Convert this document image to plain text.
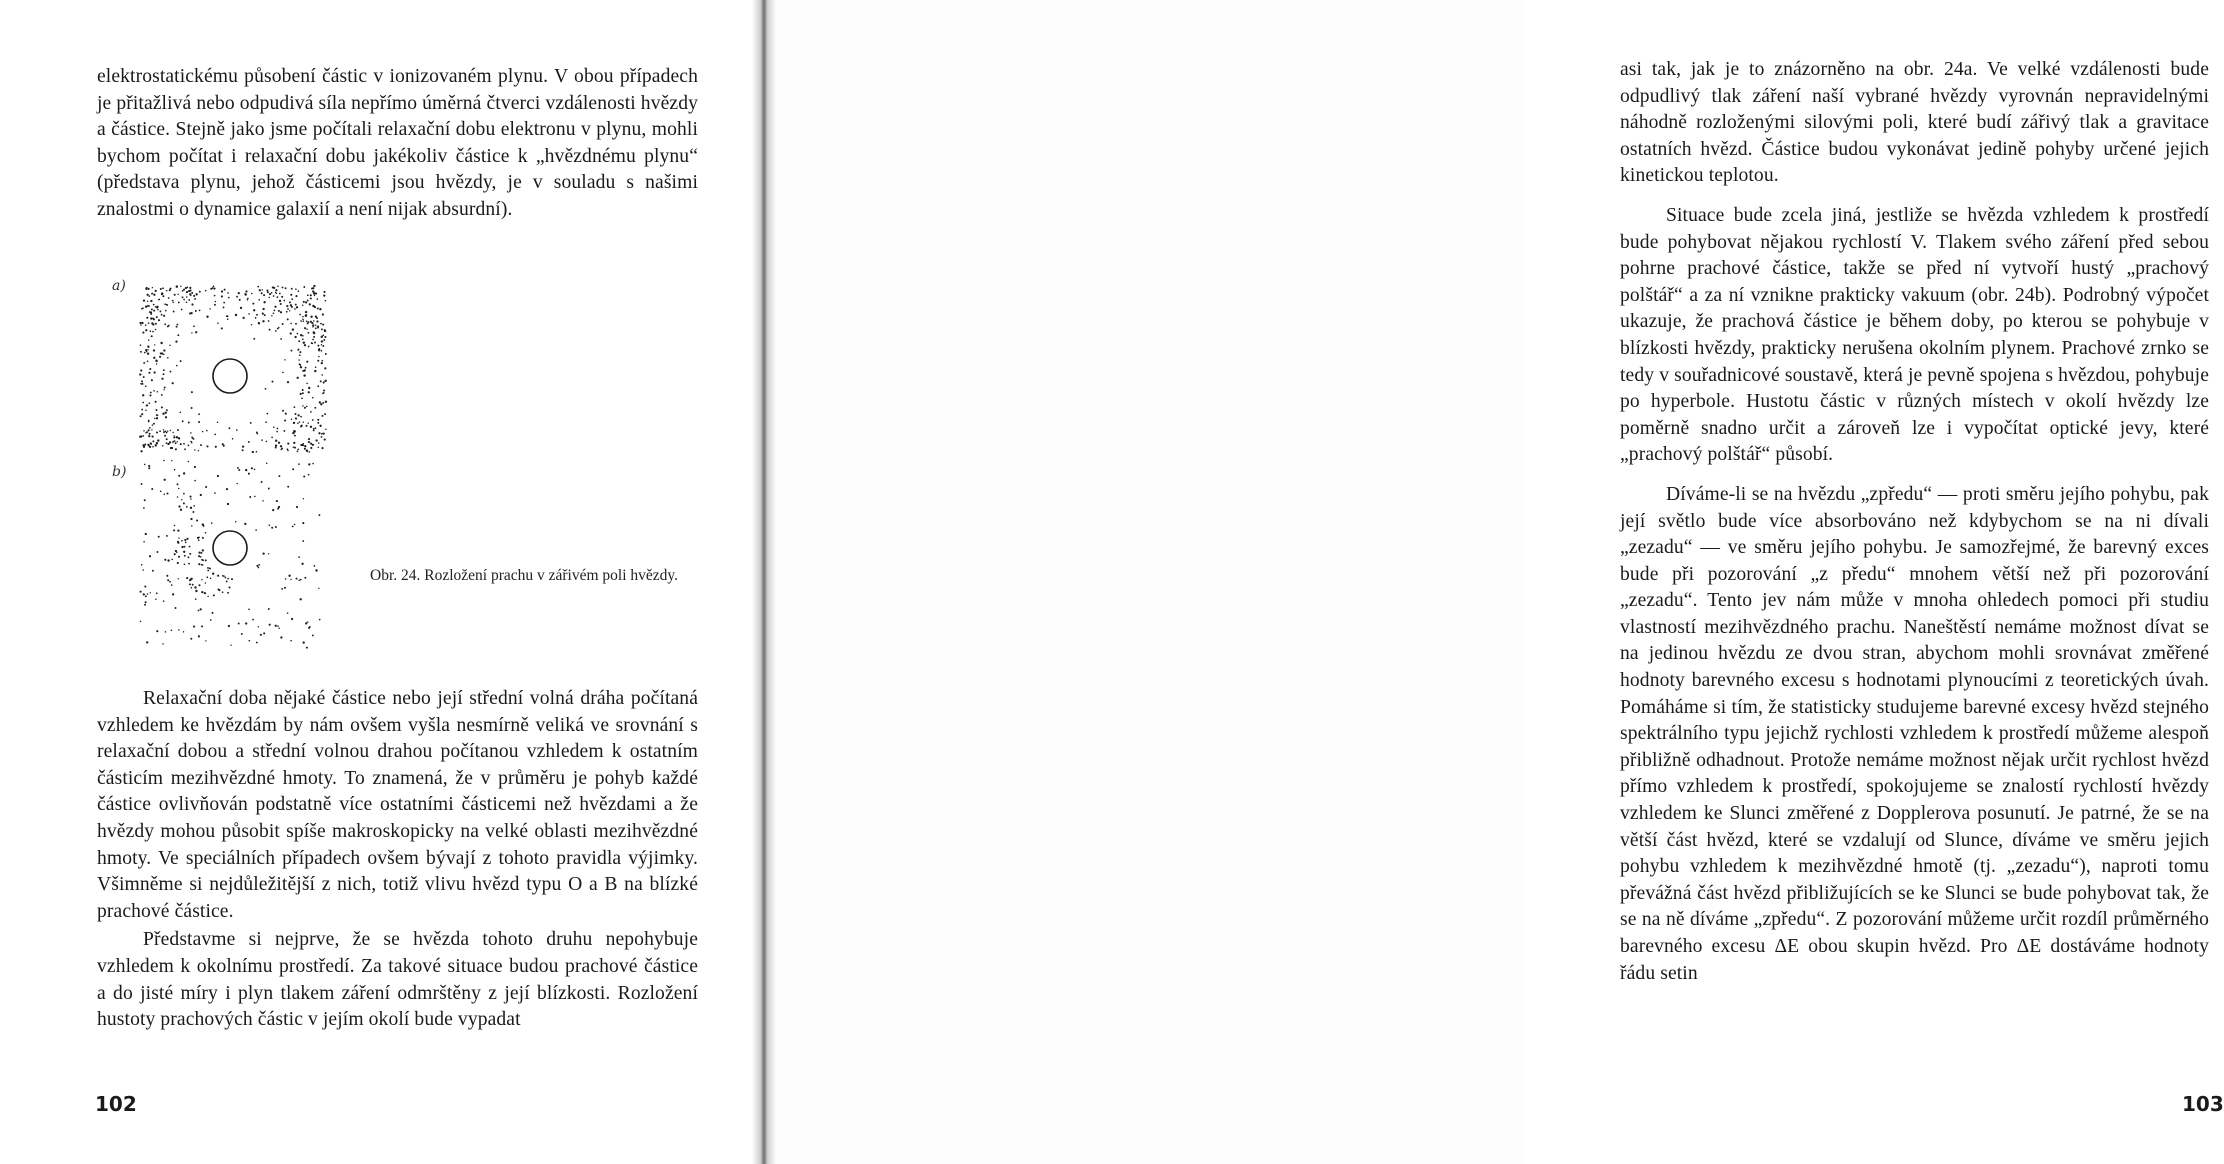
elektrostatickému působení částic v ionizovaném plynu. V obou případech je přitažlivá nebo odpudivá síla nepřímo úměrná čtverci vzdálenosti hvězdy a částice. Stejně jako jsme počítali relaxační dobu elektronu v plynu, mohli bychom počítat i relaxační dobu jakékoliv částice k „hvězdnému plynu“ (představa plynu, jehož částicemi jsou hvězdy, je v souladu s našimi znalostmi o dynamice galaxií a není nijak absurdní).

a)
b)
Obr. 24. Rozložení prachu v zářivém poli hvězdy.

Relaxační doba nějaké částice nebo její střední volná dráha počítaná vzhledem ke hvězdám by nám ovšem vyšla nesmírně veliká ve srovnání s relaxační dobou a střední volnou drahou počítanou vzhledem k ostatním částicím mezihvězdné hmoty. To znamená, že v průměru je pohyb každé částice ovlivňován podstatně více ostatními částicemi než hvězdami a že hvězdy mohou působit spíše makroskopicky na velké oblasti mezihvězdné hmoty. Ve speciálních případech ovšem bývají z tohoto pravidla výjimky. Všimněme si nejdůležitější z nich, totiž vlivu hvězd typu O a B na blízké prachové částice.

Představme si nejprve, že se hvězda tohoto druhu nepohybuje vzhledem k okolnímu prostředí. Za takové situace budou prachové částice a do jisté míry i plyn tlakem záření odmrštěny z její blízkosti. Rozložení hustoty prachových částic v jejím okolí bude vypadat

102

asi tak, jak je to znázorněno na obr. 24a. Ve velké vzdálenosti bude odpudlivý tlak záření naší vybrané hvězdy vyrovnán nepravidelnými náhodně rozloženými silovými poli, které budí zářivý tlak a gravitace ostatních hvězd. Částice budou vykonávat jedině pohyby určené jejich kinetickou teplotou.

Situace bude zcela jiná, jestliže se hvězda vzhledem k prostředí bude pohybovat nějakou rychlostí V. Tlakem svého záření před sebou pohrne prachové částice, takže se před ní vytvoří hustý „prachový polštář“ a za ní vznikne prakticky vakuum (obr. 24b). Podrobný výpočet ukazuje, že prachová částice je během doby, po kterou se pohybuje v blízkosti hvězdy, prakticky nerušena okolním plynem. Prachové zrnko se tedy v souřadnicové soustavě, která je pevně spojena s hvězdou, pohybuje po hyperbole. Hustotu částic v různých místech v okolí hvězdy lze poměrně snadno určit a zároveň lze i vypočítat optické jevy, které „prachový polštář“ působí.

Díváme-li se na hvězdu „zpředu“ — proti směru jejího pohybu, pak její světlo bude více absorbováno než kdybychom se na ni dívali „zezadu“ — ve směru jejího pohybu. Je samozřejmé, že barevný exces bude při pozorování „z předu“ mnohem větší než při pozorování „zezadu“. Tento jev nám může v mnoha ohledech pomoci při studiu vlastností mezihvězdného prachu. Naneštěstí nemáme možnost dívat se na jedinou hvězdu ze dvou stran, abychom mohli srovnávat změřené hodnoty barevného excesu s hodnotami plynoucími z teoretických úvah. Pomáháme si tím, že statisticky studujeme barevné excesy hvězd stejného spektrálního typu jejichž rychlosti vzhledem k prostředí můžeme alespoň přibližně odhadnout. Protože nemáme možnost nějak určit rychlost hvězd přímo vzhledem k prostředí, spokojujeme se znalostí rychlostí hvězdy vzhledem ke Slunci změřené z Dopplerova posunutí. Je patrné, že se na větší část hvězd, které se vzdalují od Slunce, díváme ve směru jejich pohybu vzhledem k mezihvězdné hmotě (tj. „zezadu“), naproti tomu převážná část hvězd přibližujících se ke Slunci se bude pohybovat tak, že se na ně díváme „zpředu“. Z pozorování můžeme určit rozdíl průměrného barevného excesu ΔE obou skupin hvězd. Pro ΔE dostáváme hodnoty řádu setin

103
